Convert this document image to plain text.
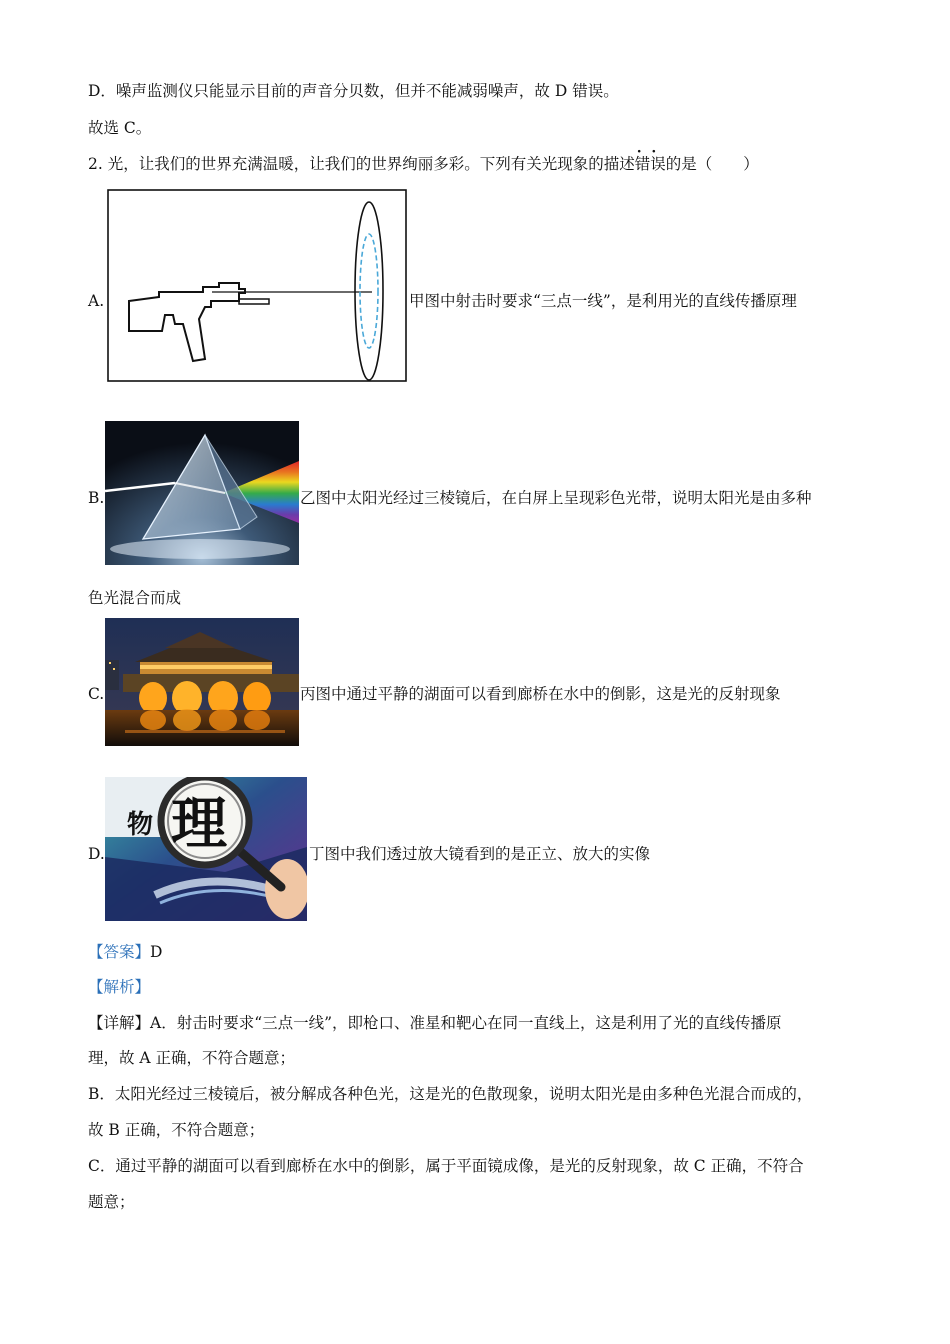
D．噪声监测仪只能显示目前的声音分贝数，但并不能减弱噪声，故 D 错误。
故选 C。
2. 光，让我们的世界充满温暖，让我们的世界绚丽多彩。下列有关光现象的描述·  · 错误的是（　　）
A.	甲图中射击时要求“三点一线”，是利用光的直线传播原理
B.	乙图中太阳光经过三棱镜后，在白屏上呈现彩色光带，说明太阳光是由多种
色光混合而成
C.	丙图中通过平静的湖面可以看到廊桥在水中的倒影，这是光的反射现象
D.
物 理	丁图中我们透过放大镜看到的是正立、放大的实像
【答案】D
【解析】
【详解】A．射击时要求“三点一线”，即枪口、准星和靶心在同一直线上，这是利用了光的直线传播原
理，故 A 正确，不符合题意；
B．太阳光经过三棱镜后，被分解成各种色光，这是光的色散现象，说明太阳光是由多种色光混合而成的，
故 B 正确，不符合题意；
C．通过平静的湖面可以看到廊桥在水中的倒影，属于平面镜成像，是光的反射现象，故 C 正确，不符合
题意；
